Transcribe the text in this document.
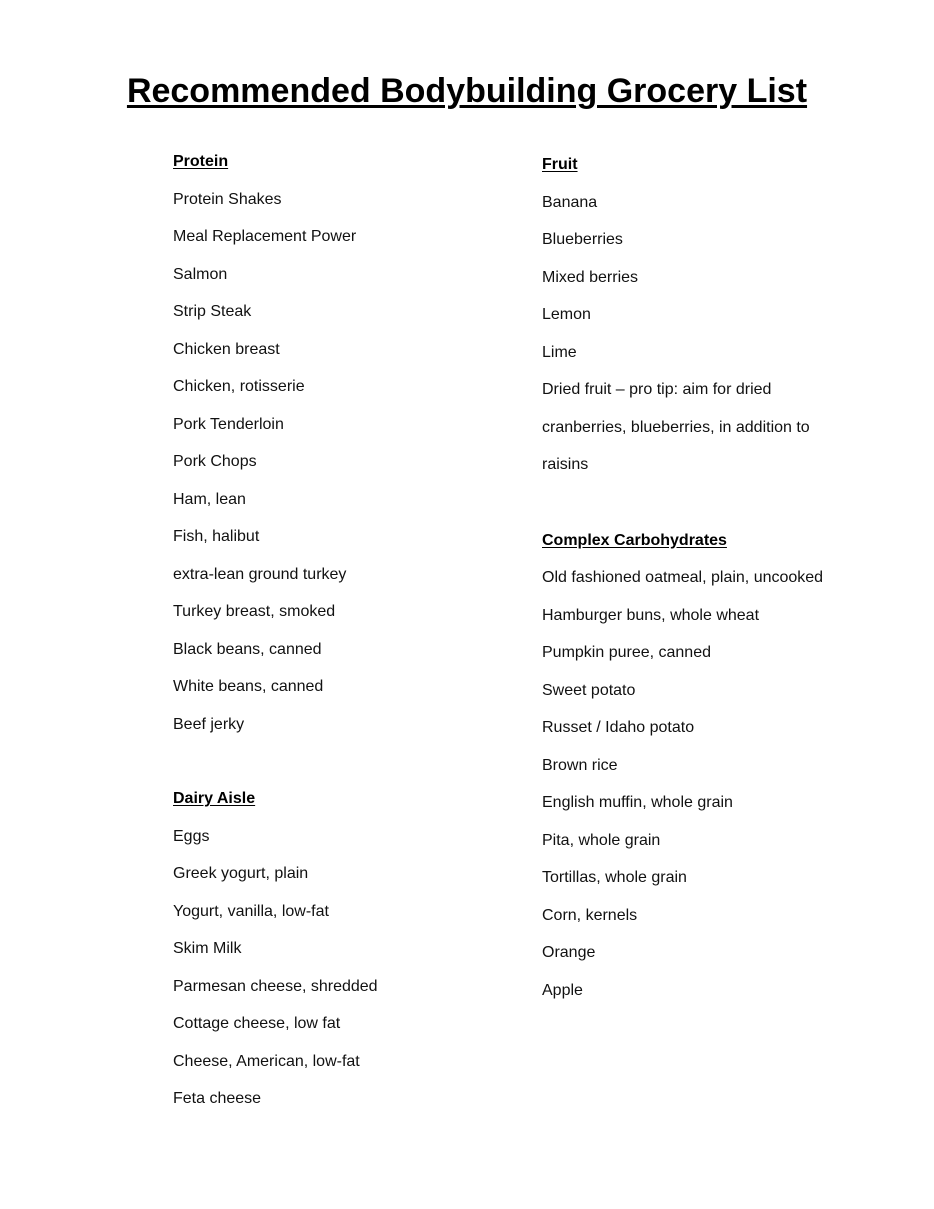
Recommended Bodybuilding Grocery List
Protein
Protein Shakes
Meal Replacement Power
Salmon
Strip Steak
Chicken breast
Chicken, rotisserie
Pork Tenderloin
Pork Chops
Ham, lean
Fish, halibut
extra-lean ground turkey
Turkey breast, smoked
Black beans, canned
White beans, canned
Beef jerky
Dairy Aisle
Eggs
Greek yogurt, plain
Yogurt, vanilla, low-fat
Skim Milk
Parmesan cheese, shredded
Cottage cheese, low fat
Cheese, American, low-fat
Feta cheese
Fruit
Banana
Blueberries
Mixed berries
Lemon
Lime
Dried fruit – pro tip: aim for dried
cranberries, blueberries, in addition to
raisins
Complex Carbohydrates
Old fashioned oatmeal, plain, uncooked
Hamburger buns, whole wheat
Pumpkin puree, canned
Sweet potato
Russet / Idaho potato
Brown rice
English muffin, whole grain
Pita, whole grain
Tortillas, whole grain
Corn, kernels
Orange
Apple
